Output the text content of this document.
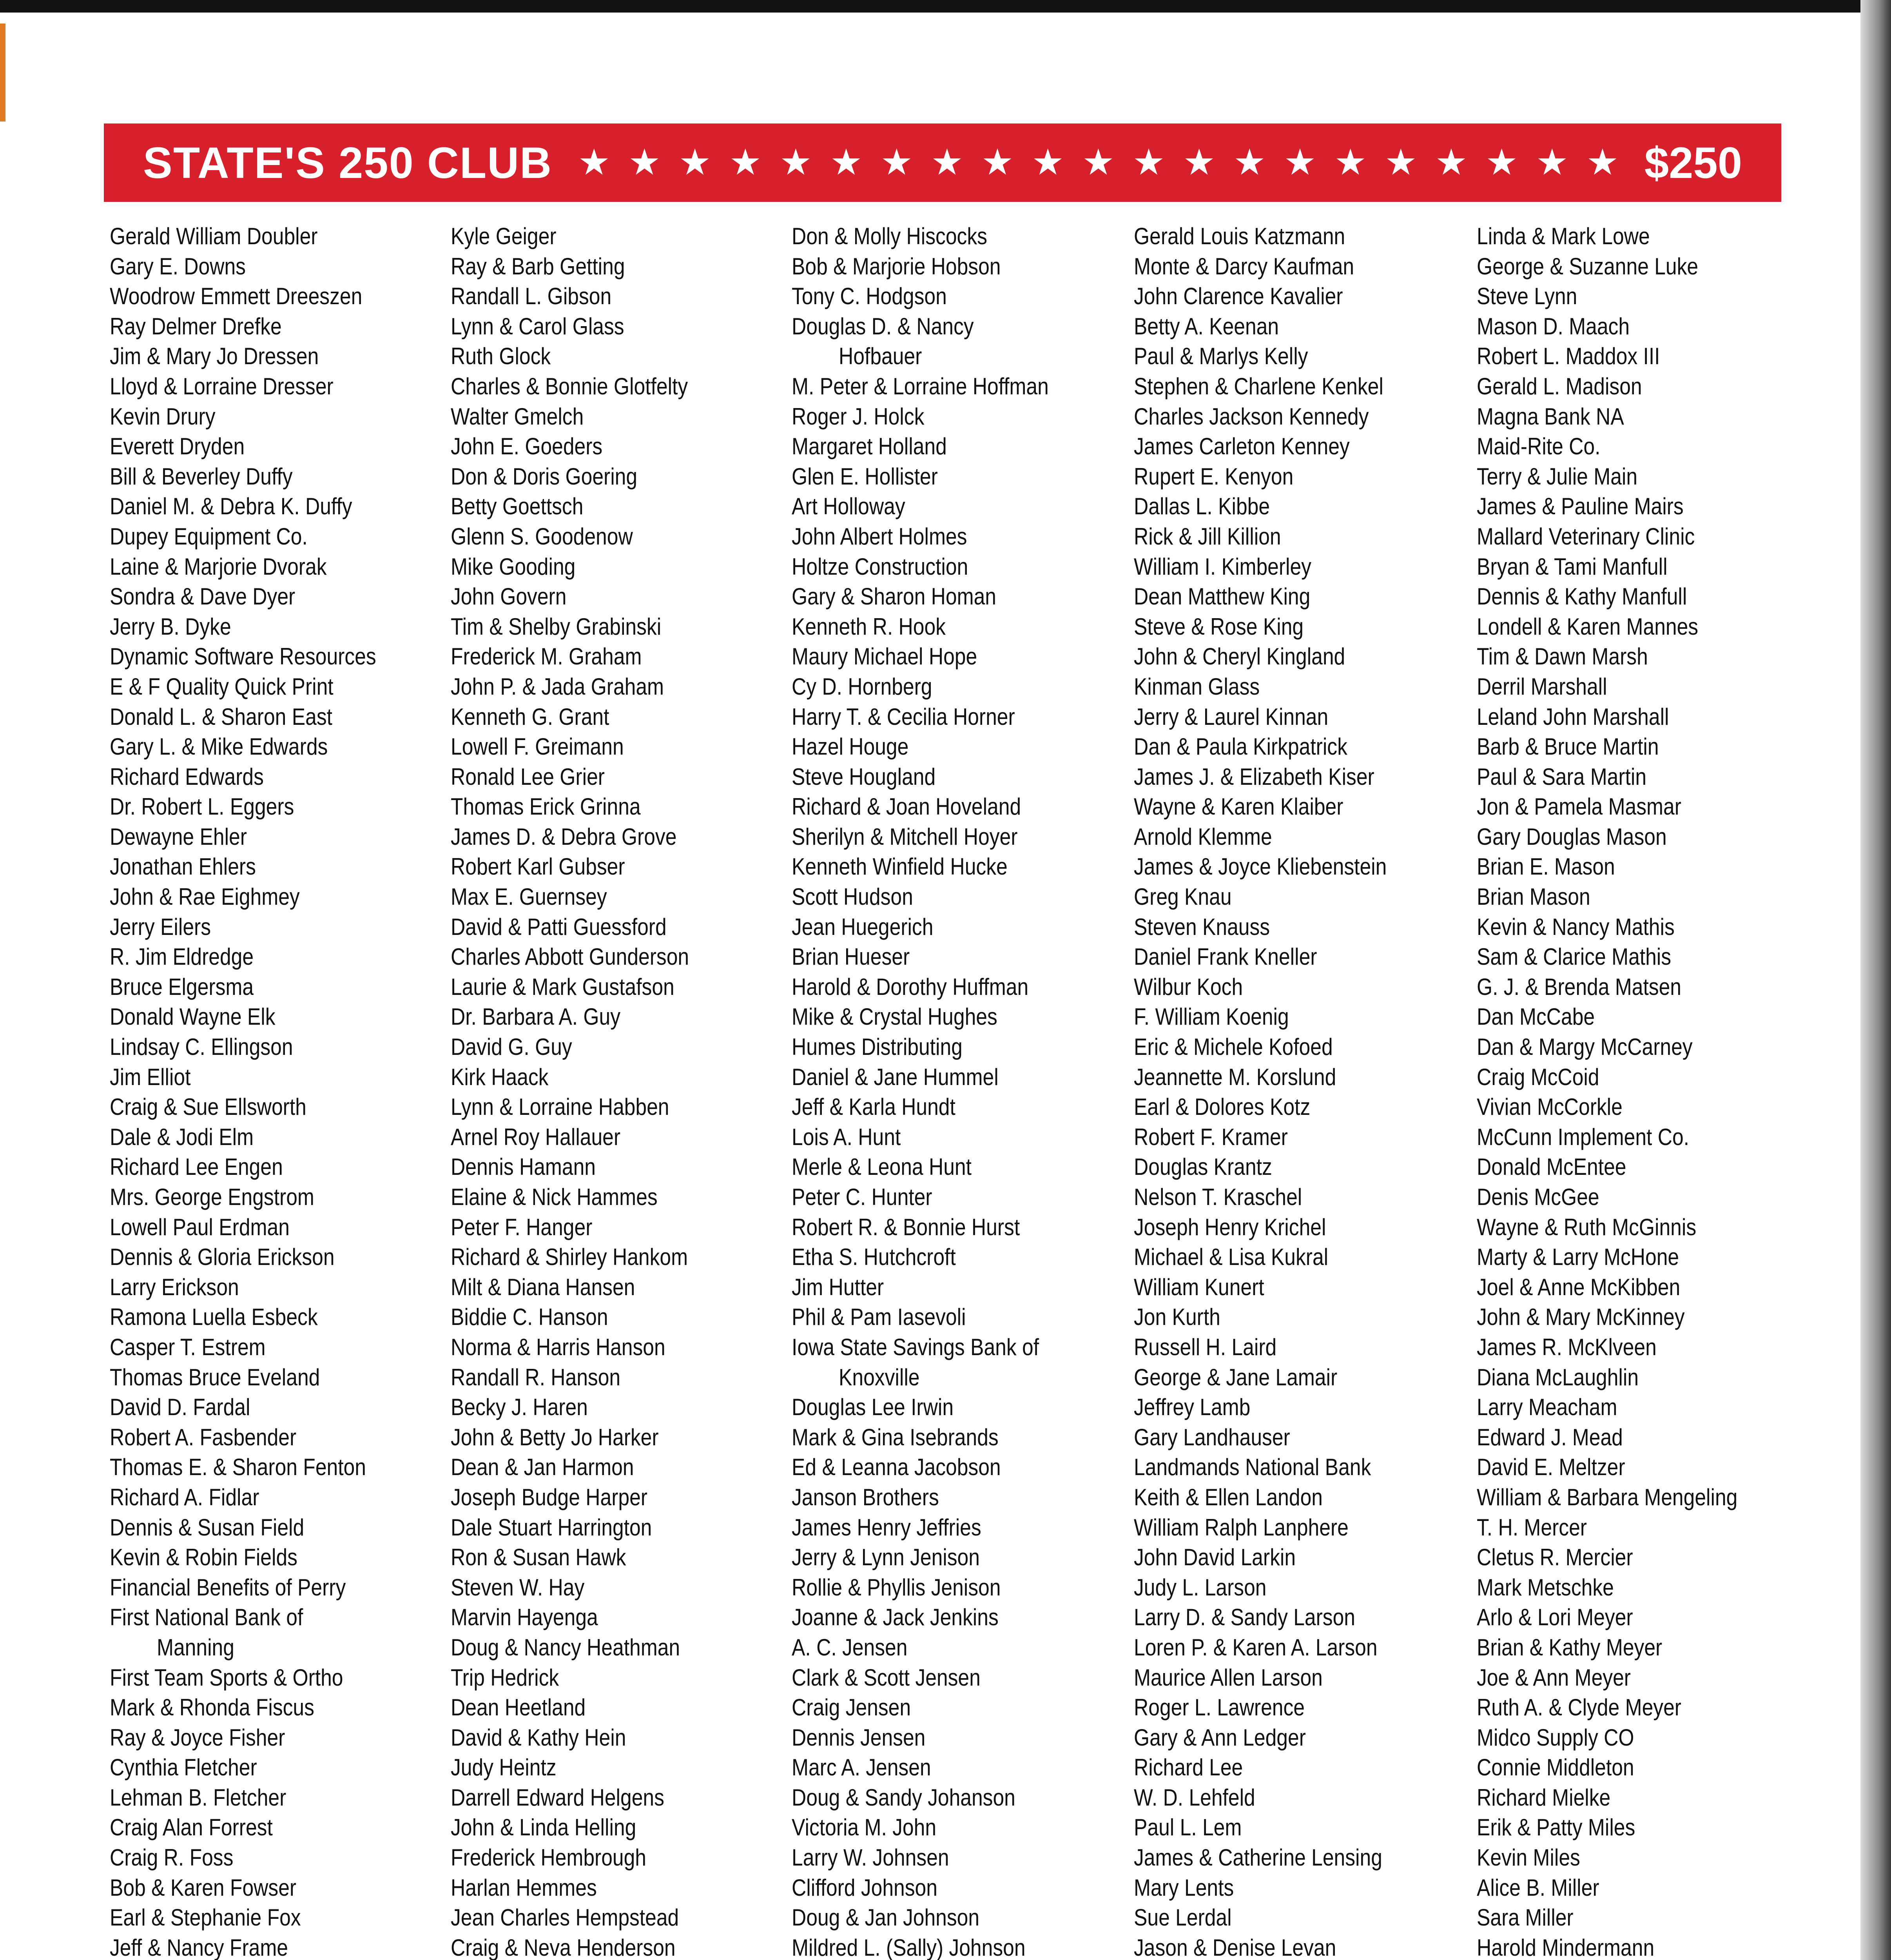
STATE'S 250 CLUB ★ ★ ★ ★ ★ ★ ★ ★ ★ ★ ★ ★ ★ ★ ★ ★ ★ ★ ★ ★ ★ $250
Gerald William Doubler
Gary E. Downs
Woodrow Emmett Dreeszen
Ray Delmer Drefke
Jim & Mary Jo Dressen
Lloyd & Lorraine Dresser
Kevin Drury
Everett Dryden
Bill & Beverley Duffy
Daniel M. & Debra K. Duffy
Dupey Equipment Co.
Laine & Marjorie Dvorak
Sondra & Dave Dyer
Jerry B. Dyke
Dynamic Software Resources
E & F Quality Quick Print
Donald L. & Sharon East
Gary L. & Mike Edwards
Richard Edwards
Dr. Robert L. Eggers
Dewayne Ehler
Jonathan Ehlers
John & Rae Eighmey
Jerry Eilers
R. Jim Eldredge
Bruce Elgersma
Donald Wayne Elk
Lindsay C. Ellingson
Jim Elliot
Craig & Sue Ellsworth
Dale & Jodi Elm
Richard Lee Engen
Mrs. George Engstrom
Lowell Paul Erdman
Dennis & Gloria Erickson
Larry Erickson
Ramona Luella Esbeck
Casper T. Estrem
Thomas Bruce Eveland
David D. Fardal
Robert A. Fasbender
Thomas E. & Sharon Fenton
Richard A. Fidlar
Dennis & Susan Field
Kevin & Robin Fields
Financial Benefits of Perry
First National Bank of
Manning
First Team Sports & Ortho
Mark & Rhonda Fiscus
Ray & Joyce Fisher
Cynthia Fletcher
Lehman B. Fletcher
Craig Alan Forrest
Craig R. Foss
Bob & Karen Fowser
Earl & Stephanie Fox
Jeff & Nancy Frame
Kyle Geiger
Ray & Barb Getting
Randall L. Gibson
Lynn & Carol Glass
Ruth Glock
Charles & Bonnie Glotfelty
Walter Gmelch
John E. Goeders
Don & Doris Goering
Betty Goettsch
Glenn S. Goodenow
Mike Gooding
John Govern
Tim & Shelby Grabinski
Frederick M. Graham
John P. & Jada Graham
Kenneth G. Grant
Lowell F. Greimann
Ronald Lee Grier
Thomas Erick Grinna
James D. & Debra Grove
Robert Karl Gubser
Max E. Guernsey
David & Patti Guessford
Charles Abbott Gunderson
Laurie & Mark Gustafson
Dr. Barbara A. Guy
David G. Guy
Kirk Haack
Lynn & Lorraine Habben
Arnel Roy Hallauer
Dennis Hamann
Elaine & Nick Hammes
Peter F. Hanger
Richard & Shirley Hankom
Milt & Diana Hansen
Biddie C. Hanson
Norma & Harris Hanson
Randall R. Hanson
Becky J. Haren
John & Betty Jo Harker
Dean & Jan Harmon
Joseph Budge Harper
Dale Stuart Harrington
Ron & Susan Hawk
Steven W. Hay
Marvin Hayenga
Doug & Nancy Heathman
Trip Hedrick
Dean Heetland
David & Kathy Hein
Judy Heintz
Darrell Edward Helgens
John & Linda Helling
Frederick Hembrough
Harlan Hemmes
Jean Charles Hempstead
Craig & Neva Henderson
Don & Molly Hiscocks
Bob & Marjorie Hobson
Tony C. Hodgson
Douglas D. & Nancy
Hofbauer
M. Peter & Lorraine Hoffman
Roger J. Holck
Margaret Holland
Glen E. Hollister
Art Holloway
John Albert Holmes
Holtze Construction
Gary & Sharon Homan
Kenneth R. Hook
Maury Michael Hope
Cy D. Hornberg
Harry T. & Cecilia Horner
Hazel Houge
Steve Hougland
Richard & Joan Hoveland
Sherilyn & Mitchell Hoyer
Kenneth Winfield Hucke
Scott Hudson
Jean Huegerich
Brian Hueser
Harold & Dorothy Huffman
Mike & Crystal Hughes
Humes Distributing
Daniel & Jane Hummel
Jeff & Karla Hundt
Lois A. Hunt
Merle & Leona Hunt
Peter C. Hunter
Robert R. & Bonnie Hurst
Etha S. Hutchcroft
Jim Hutter
Phil & Pam Iasevoli
Iowa State Savings Bank of
Knoxville
Douglas Lee Irwin
Mark & Gina Isebrands
Ed & Leanna Jacobson
Janson Brothers
James Henry Jeffries
Jerry & Lynn Jenison
Rollie & Phyllis Jenison
Joanne & Jack Jenkins
A. C. Jensen
Clark & Scott Jensen
Craig Jensen
Dennis Jensen
Marc A. Jensen
Doug & Sandy Johanson
Victoria M. John
Larry W. Johnsen
Clifford Johnson
Doug & Jan Johnson
Mildred L. (Sally) Johnson
Gerald Louis Katzmann
Monte & Darcy Kaufman
John Clarence Kavalier
Betty A. Keenan
Paul & Marlys Kelly
Stephen & Charlene Kenkel
Charles Jackson Kennedy
James Carleton Kenney
Rupert E. Kenyon
Dallas L. Kibbe
Rick & Jill Killion
William I. Kimberley
Dean Matthew King
Steve & Rose King
John & Cheryl Kingland
Kinman Glass
Jerry & Laurel Kinnan
Dan & Paula Kirkpatrick
James J. & Elizabeth Kiser
Wayne & Karen Klaiber
Arnold Klemme
James & Joyce Kliebenstein
Greg Knau
Steven Knauss
Daniel Frank Kneller
Wilbur Koch
F. William Koenig
Eric & Michele Kofoed
Jeannette M. Korslund
Earl & Dolores Kotz
Robert F. Kramer
Douglas Krantz
Nelson T. Kraschel
Joseph Henry Krichel
Michael & Lisa Kukral
William Kunert
Jon Kurth
Russell H. Laird
George & Jane Lamair
Jeffrey Lamb
Gary Landhauser
Landmands National Bank
Keith & Ellen Landon
William Ralph Lanphere
John David Larkin
Judy L. Larson
Larry D. & Sandy Larson
Loren P. & Karen A. Larson
Maurice Allen Larson
Roger L. Lawrence
Gary & Ann Ledger
Richard Lee
W. D. Lehfeld
Paul L. Lem
James & Catherine Lensing
Mary Lents
Sue Lerdal
Jason & Denise Levan
Linda & Mark Lowe
George & Suzanne Luke
Steve Lynn
Mason D. Maach
Robert L. Maddox III
Gerald L. Madison
Magna Bank NA
Maid-Rite Co.
Terry & Julie Main
James & Pauline Mairs
Mallard Veterinary Clinic
Bryan & Tami Manfull
Dennis & Kathy Manfull
Londell & Karen Mannes
Tim & Dawn Marsh
Derril Marshall
Leland John Marshall
Barb & Bruce Martin
Paul & Sara Martin
Jon & Pamela Masmar
Gary Douglas Mason
Brian E. Mason
Brian Mason
Kevin & Nancy Mathis
Sam & Clarice Mathis
G. J. & Brenda Matsen
Dan McCabe
Dan & Margy McCarney
Craig McCoid
Vivian McCorkle
McCunn Implement Co.
Donald McEntee
Denis McGee
Wayne & Ruth McGinnis
Marty & Larry McHone
Joel & Anne McKibben
John & Mary McKinney
James R. McKlveen
Diana McLaughlin
Larry Meacham
Edward J. Mead
David E. Meltzer
William & Barbara Mengeling
T. H. Mercer
Cletus R. Mercier
Mark Metschke
Arlo & Lori Meyer
Brian & Kathy Meyer
Joe & Ann Meyer
Ruth A. & Clyde Meyer
Midco Supply CO
Connie Middleton
Richard Mielke
Erik & Patty Miles
Kevin Miles
Alice B. Miller
Sara Miller
Harold Mindermann
